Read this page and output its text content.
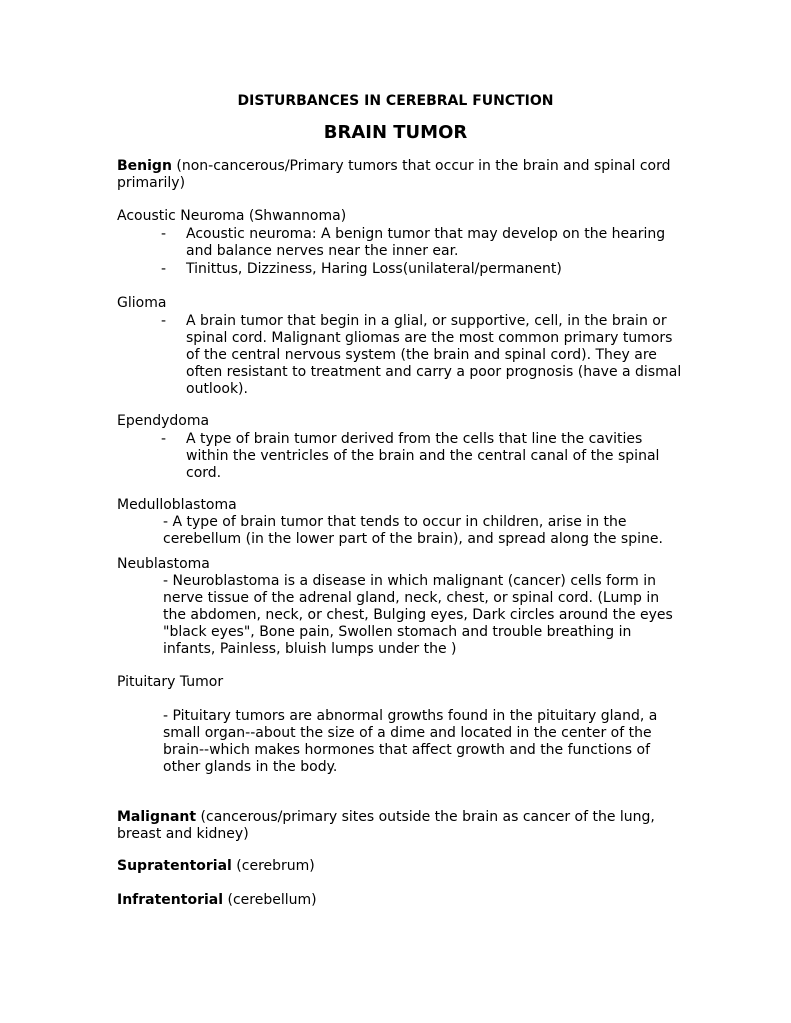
DISTURBANCES IN CEREBRAL FUNCTION

BRAIN TUMOR

Benign (non-cancerous/Primary tumors that occur in the brain and spinal cord primarily)

Acoustic Neuroma (Shwannoma)

- Acoustic neuroma: A benign tumor that may develop on the hearing and balance nerves near the inner ear.

- Tinittus, Dizziness, Haring Loss(unilateral/permanent)

Glioma

- A brain tumor that begin in a glial, or supportive, cell, in the brain or spinal cord. Malignant gliomas are the most common primary tumors of the central nervous system (the brain and spinal cord). They are often resistant to treatment and carry a poor prognosis (have a dismal outlook).

Ependydoma

- A type of brain tumor derived from the cells that line the cavities within the ventricles of the brain and the central canal of the spinal cord.

Medulloblastoma

- A type of brain tumor that tends to occur in children, arise in the cerebellum (in the lower part of the brain), and spread along the spine.

Neublastoma

- Neuroblastoma is a disease in which malignant (cancer) cells form in nerve tissue of the adrenal gland, neck, chest, or spinal cord. (Lump in the abdomen, neck, or chest, Bulging eyes, Dark circles around the eyes "black eyes", Bone pain, Swollen stomach and trouble breathing in infants, Painless, bluish lumps under the )

Pituitary Tumor

- Pituitary tumors are abnormal growths found in the pituitary gland, a small organ--about the size of a dime and located in the center of the brain--which makes hormones that affect growth and the functions of other glands in the body.

Malignant (cancerous/primary sites outside the brain as cancer of the lung, breast and kidney)

Supratentorial (cerebrum)

Infratentorial (cerebellum)
